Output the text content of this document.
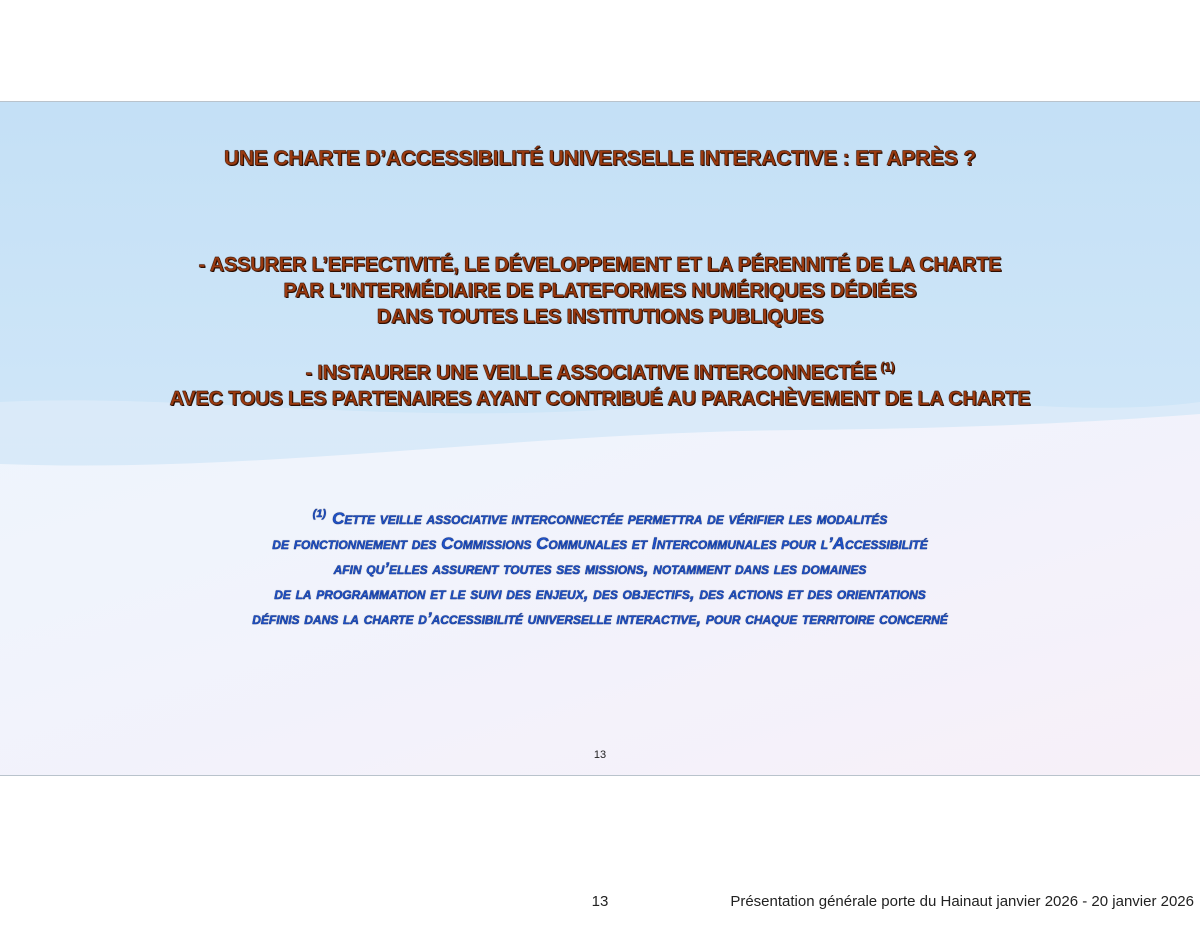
UNE CHARTE D’ACCESSIBILITÉ UNIVERSELLE INTERACTIVE : ET APRÈS ?
- ASSURER L’EFFECTIVITÉ, LE DÉVELOPPEMENT ET LA PÉRENNITÉ DE LA CHARTE
PAR L’INTERMÉDIAIRE DE PLATEFORMES NUMÉRIQUES DÉDIÉES
DANS TOUTES LES INSTITUTIONS PUBLIQUES
- INSTAURER UNE VEILLE ASSOCIATIVE INTERCONNECTÉE $^{(1)}$
AVEC TOUS LES PARTENAIRES AYANT CONTRIBUÉ AU PARACHÈVEMENT DE LA CHARTE
$^{(1)}$ Cette veille associative interconnectée permettra de vérifier les modalités
de fonctionnement des Commissions Communales et Intercommunales pour l’Accessibilité
afin qu’elles assurent toutes ses missions, notamment dans les domaines
de la programmation et le suivi des enjeux, des objectifs, des actions et des orientations
définis dans la charte d’accessibilité universelle interactive, pour chaque territoire concerné
13
13	Présentation générale porte du Hainaut janvier 2026 - 20 janvier 2026
